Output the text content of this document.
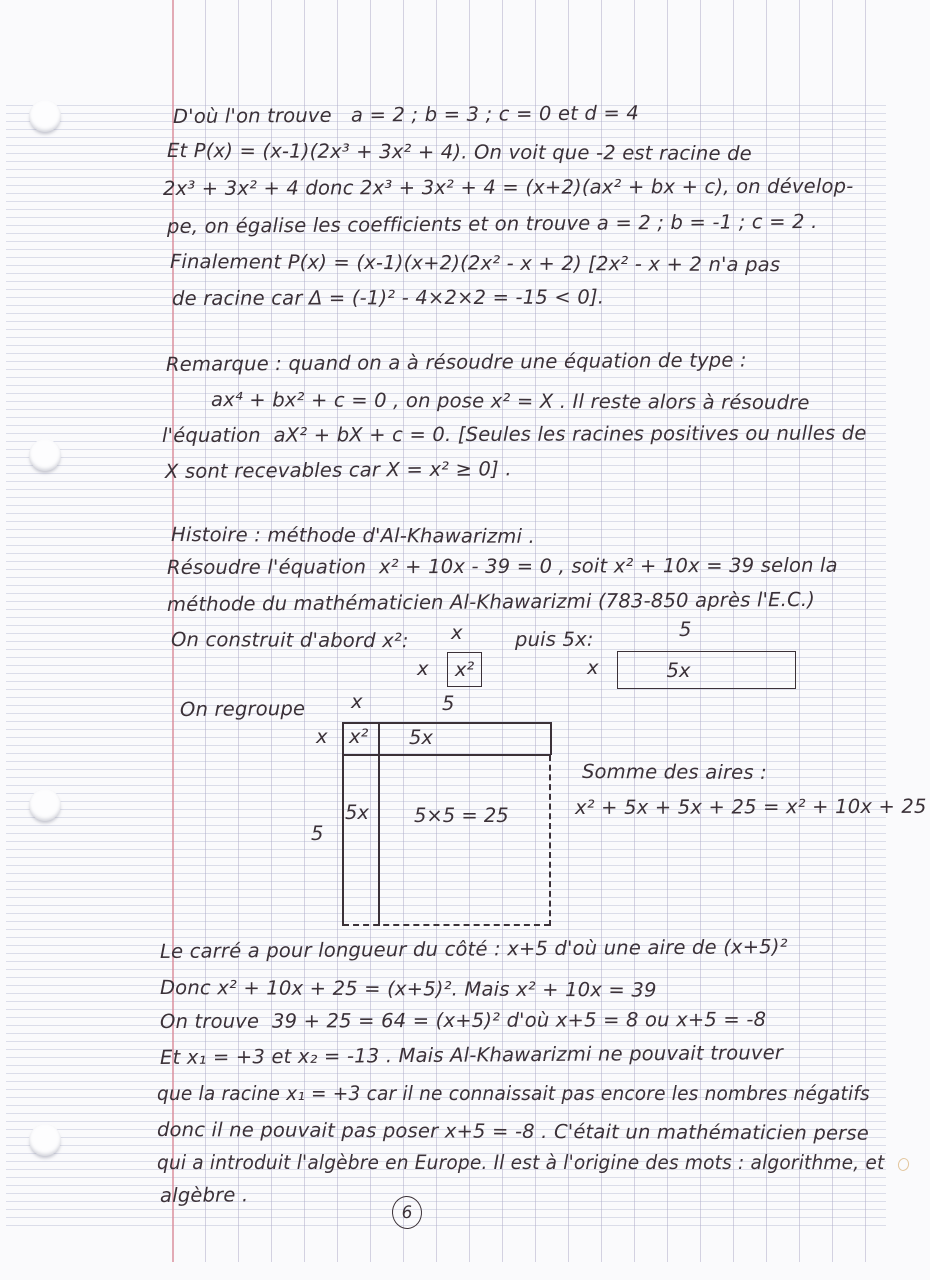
D'où l'on trouve   a = 2 ; b = 3 ; c = 0 et d = 4
Et P(x) = (x-1)(2x³ + 3x² + 4). On voit que -2 est racine de
2x³ + 3x² + 4 donc 2x³ + 3x² + 4 = (x+2)(ax² + bx + c), on dévelop-
pe, on égalise les coefficients et on trouve a = 2 ; b = -1 ; c = 2 .
Finalement P(x) = (x-1)(x+2)(2x² - x + 2) [2x² - x + 2 n'a pas
de racine car Δ = (-1)² - 4×2×2 = -15 < 0].
Remarque : quand on a à résoudre une équation de type :
ax⁴ + bx² + c = 0 , on pose x² = X . Il reste alors à résoudre
l'équation  aX² + bX + c = 0. [Seules les racines positives ou nulles de
X sont recevables car X = x² ≥ 0] .
Histoire : méthode d'Al-Khawarizmi .
Résoudre l'équation  x² + 10x - 39 = 0 , soit x² + 10x = 39 selon la
méthode du mathématicien Al-Khawarizmi (783-850 après l'E.C.)
On construit d'abord x²:	puis 5x:
On regroupe
Somme des aires :
x² + 5x + 5x + 25 = x² + 10x + 25
Le carré a pour longueur du côté : x+5 d'où une aire de (x+5)²
Donc x² + 10x + 25 = (x+5)². Mais x² + 10x = 39
On trouve  39 + 25 = 64 = (x+5)² d'où x+5 = 8 ou x+5 = -8
Et x₁ = +3 et x₂ = -13 . Mais Al-Khawarizmi ne pouvait trouver
que la racine x₁ = +3 car il ne connaissait pas encore les nombres négatifs
donc il ne pouvait pas poser x+5 = -8 . C'était un mathématicien perse
qui a introduit l'algèbre en Europe. Il est à l'origine des mots : algorithme, et
algèbre .
x
x x²
5
x	5x
x	5
x
5
x² 5x
5x 5×5 = 25
6
